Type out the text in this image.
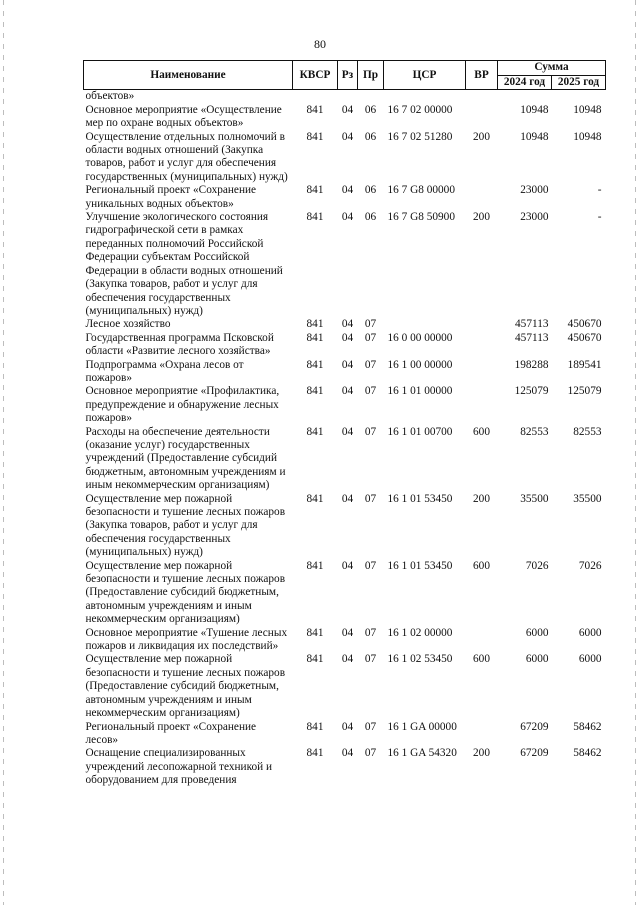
80
Наименование	КВСР	Рз	Пр	ЦСР	ВР	Сумма	
						2024 год	2025 год
объектов»							
Основное мероприятие «Осуществление мер по охране водных объектов»	841	04	06	16 7 02 00000		10948	10948
Осуществление отдельных полномочий в области водных отношений (Закупка товаров, работ и услуг для обеспечения государственных (муниципальных) нужд)	841	04	06	16 7 02 51280	200	10948	10948
Региональный проект «Сохранение уникальных водных объектов»	841	04	06	16 7 G8 00000		23000	-
Улучшение экологического состояния гидрографической сети в рамках переданных полномочий Российской Федерации субъектам Российской Федерации в области водных отношений (Закупка товаров, работ и услуг для обеспечения государственных (муниципальных) нужд)	841	04	06	16 7 G8 50900	200	23000	-
Лесное хозяйство	841	04	07			457113	450670
Государственная программа Псковской области «Развитие лесного хозяйства»	841	04	07	16 0 00 00000		457113	450670
Подпрограмма «Охрана лесов от пожаров»	841	04	07	16 1 00 00000		198288	189541
Основное мероприятие «Профилактика, предупреждение и обнаружение лесных пожаров»	841	04	07	16 1 01 00000		125079	125079
Расходы на обеспечение деятельности (оказание услуг) государственных учреждений (Предоставление субсидий бюджетным, автономным учреждениям и иным некоммерческим организациям)	841	04	07	16 1 01 00700	600	82553	82553
Осуществление мер пожарной безопасности и тушение лесных пожаров (Закупка товаров, работ и услуг для обеспечения государственных (муниципальных) нужд)	841	04	07	16 1 01 53450	200	35500	35500
Осуществление мер пожарной безопасности и тушение лесных пожаров (Предоставление субсидий бюджетным, автономным учреждениям и иным некоммерческим организациям)	841	04	07	16 1 01 53450	600	7026	7026
Основное мероприятие «Тушение лесных пожаров и ликвидация их последствий»	841	04	07	16 1 02 00000		6000	6000
Осуществление мер пожарной безопасности и тушение лесных пожаров (Предоставление субсидий бюджетным, автономным учреждениям и иным некоммерческим организациям)	841	04	07	16 1 02 53450	600	6000	6000
Региональный проект «Сохранение лесов»	841	04	07	16 1 GA 00000		67209	58462
Оснащение специализированных учреждений лесопожарной техникой и оборудованием для проведения	841	04	07	16 1 GA 54320	200	67209	58462
